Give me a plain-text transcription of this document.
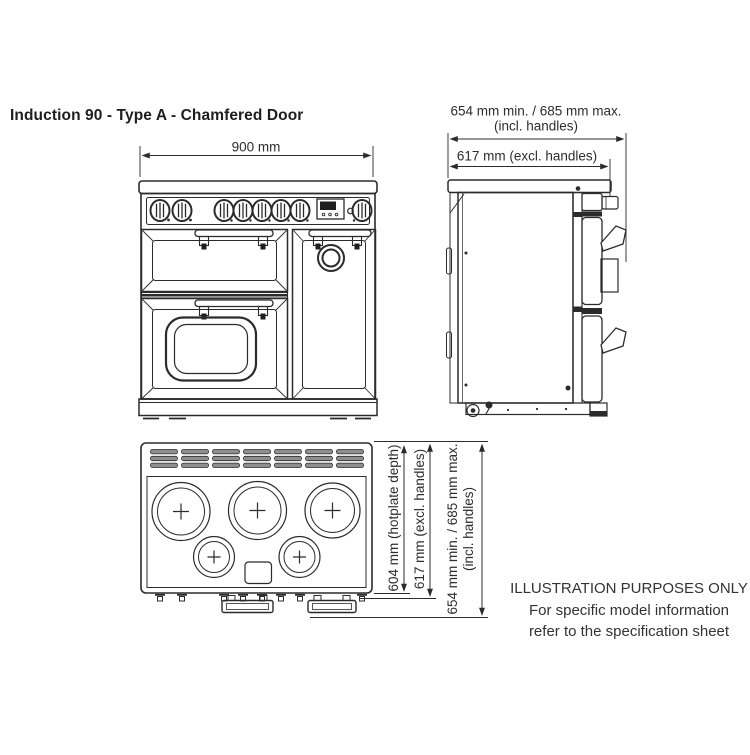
Induction 90 - Type A - Chamfered Door
900 mm
654 mm min. / 685 mm max.
(incl. handles)
617 mm (excl. handles)
604 mm (hotplate depth) 617 mm (excl. handles) 654 mm min. / 685 mm max. (incl. handles)
ILLUSTRATION PURPOSES ONLY
For specific model information
refer to the specification sheet
